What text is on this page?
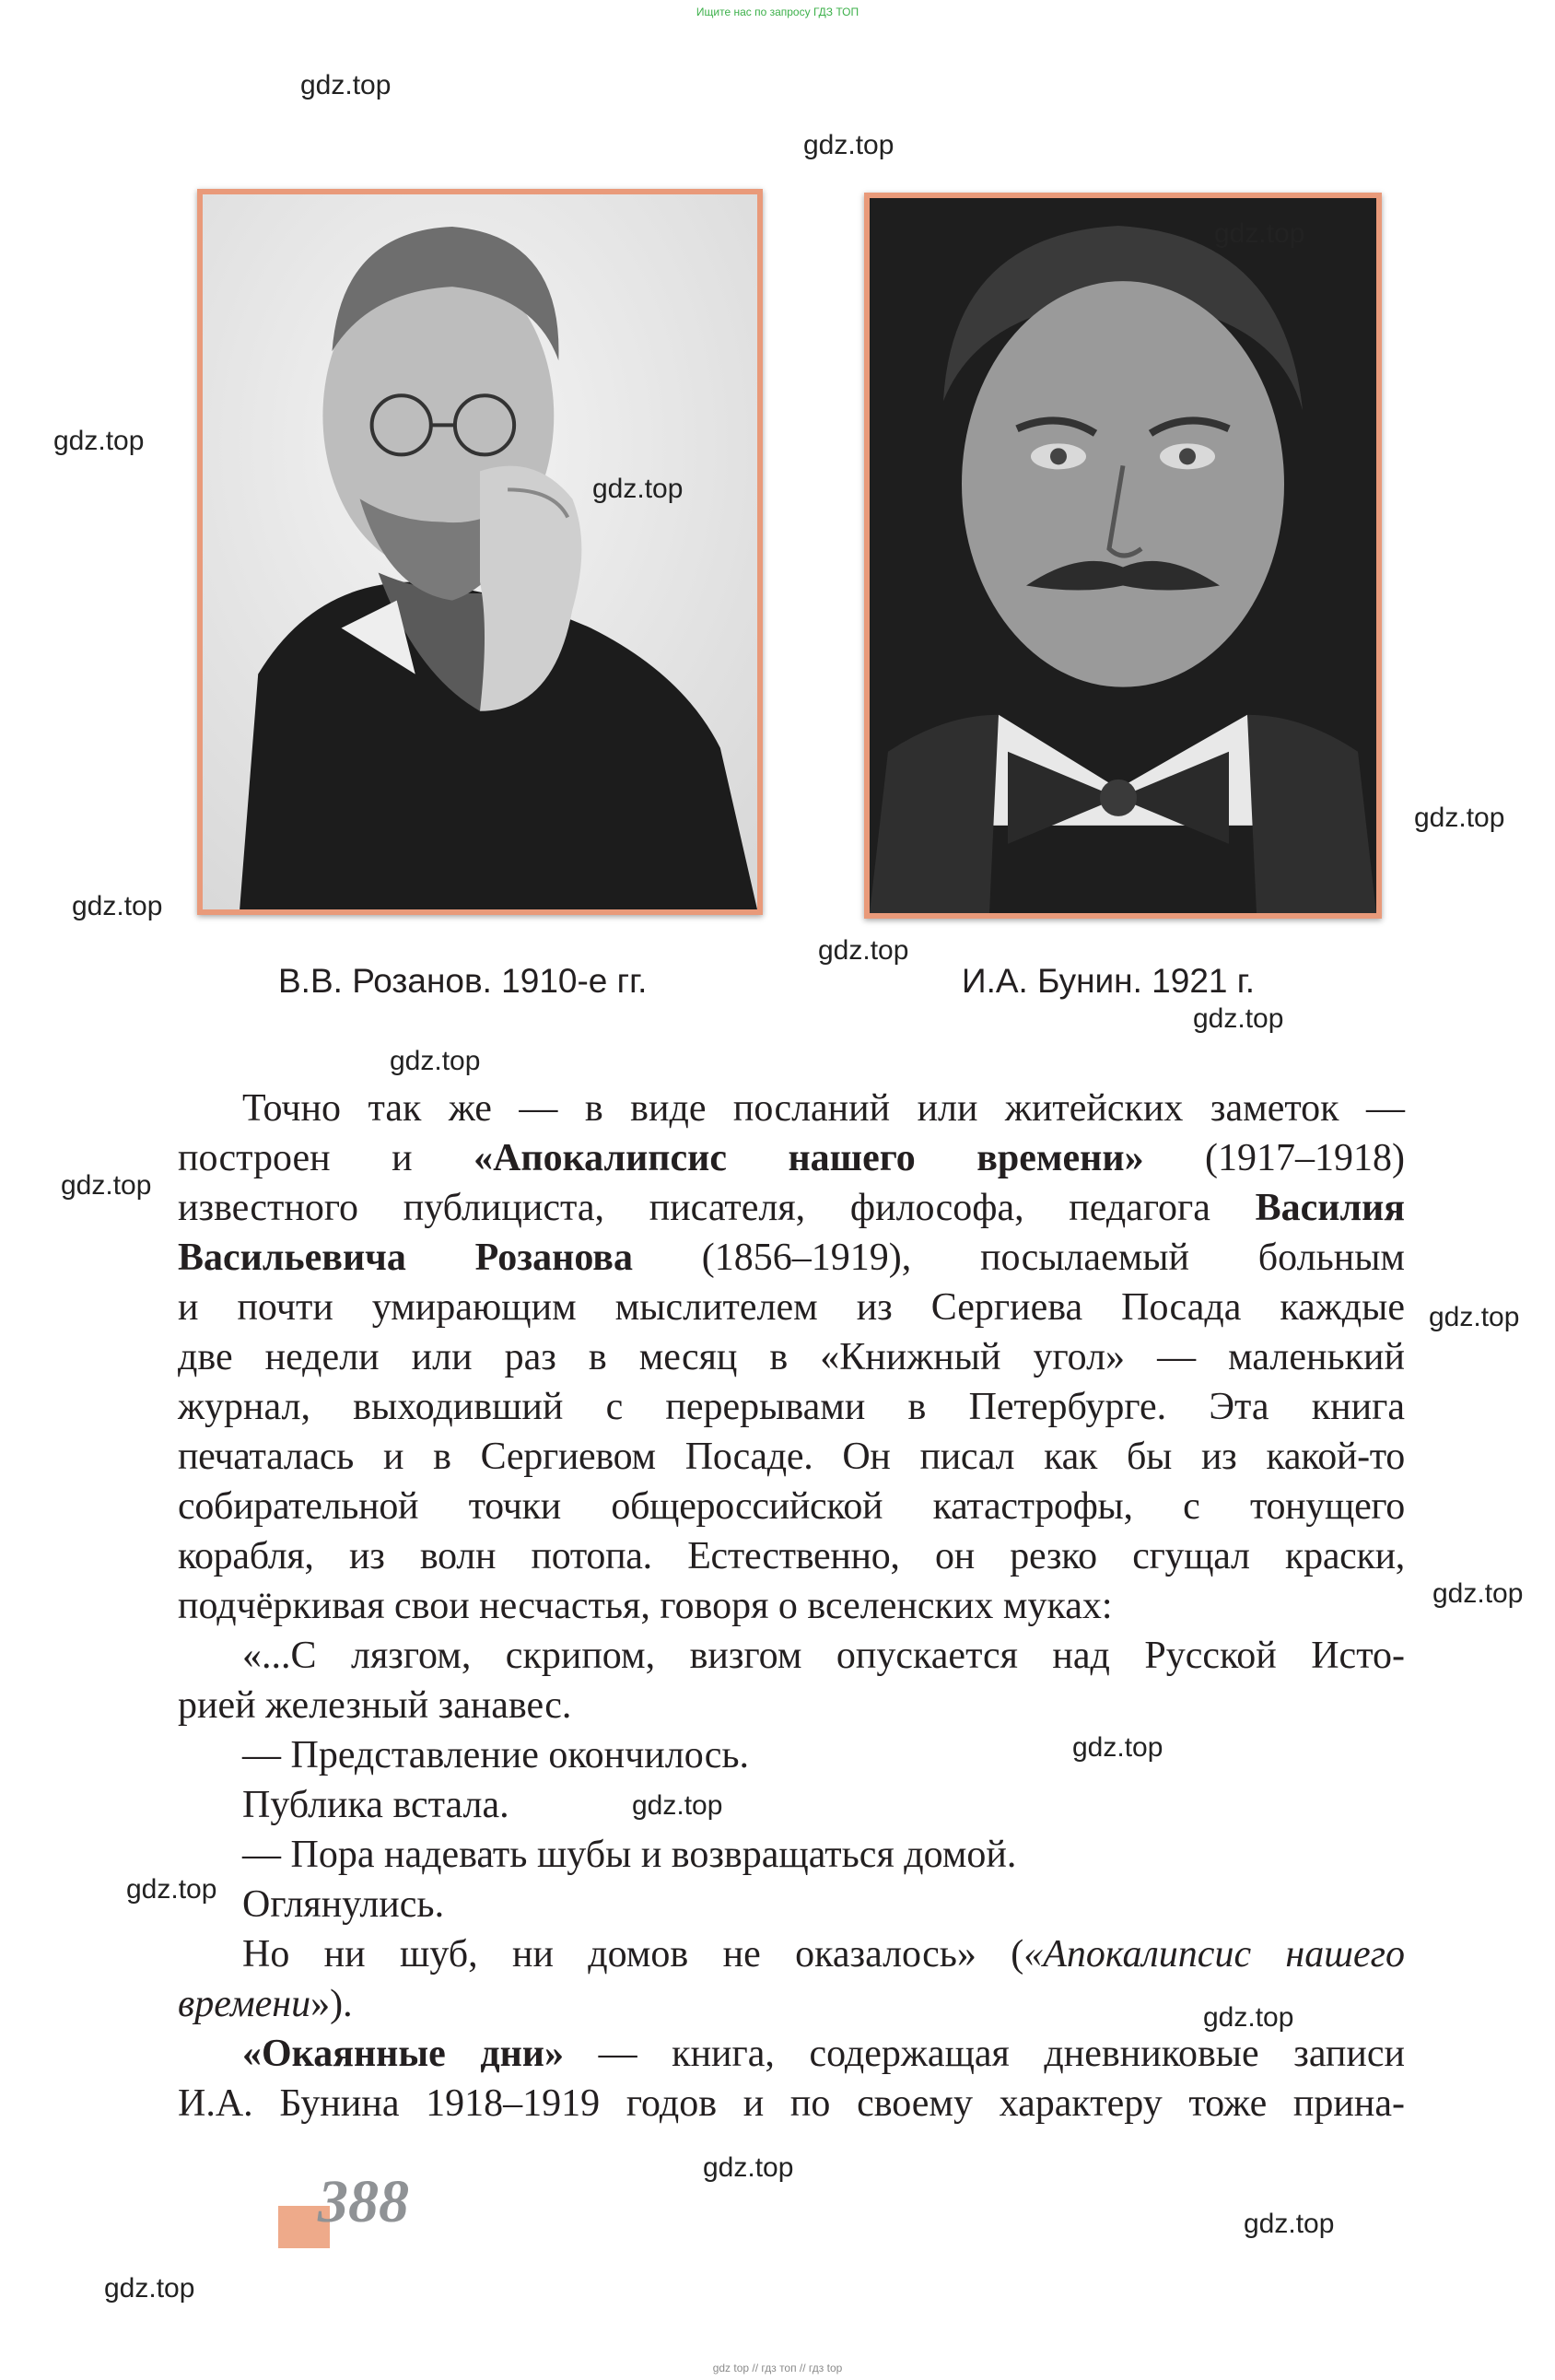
Ищите нас по запросу ГДЗ ТОП
В.В. Розанов. 1910-е гг.	И.А. Бунин. 1921 г.
Точно так же — в виде посланий или житейских заметок —
построен и «Апокалипсис нашего времени» (1917–1918)
известного публициста, писателя, философа, педагога Василия
Васильевича Розанова (1856–1919), посылаемый больным
и почти умирающим мыслителем из Сергиева Посада каждые
две недели или раз в месяц в «Книжный угол» — маленький
журнал, выходивший с перерывами в Петербурге. Эта книга
печаталась и в Сергиевом Посаде. Он писал как бы из какой-то
собирательной точки общероссийской катастрофы, с тонущего
корабля, из волн потопа. Естественно, он резко сгущал краски,
подчёркивая свои несчастья, говоря о вселенских муках:
«...С лязгом, скрипом, визгом опускается над Русской Исто-
рией железный занавес.
— Представление окончилось.
Публика встала.
— Пора надевать шубы и возвращаться домой.
Оглянулись.
Но ни шуб, ни домов не оказалось» («Апокалипсис нашего
времени»).
«Окаянные дни» — книга, содержащая дневниковые записи
И.А. Бунина 1918–1919 годов и по своему характеру тоже прина-
388
gdz.top
gdz.top
gdz.top
gdz.top
gdz.top
gdz.top
gdz.top
gdz.top
gdz.top
gdz.top
gdz.top
gdz.top
gdz.top
gdz.top
gdz.top
gdz.top
gdz.top
gdz.top
gdz.top
gdz.top
gdz top // гдз топ // гдз top
